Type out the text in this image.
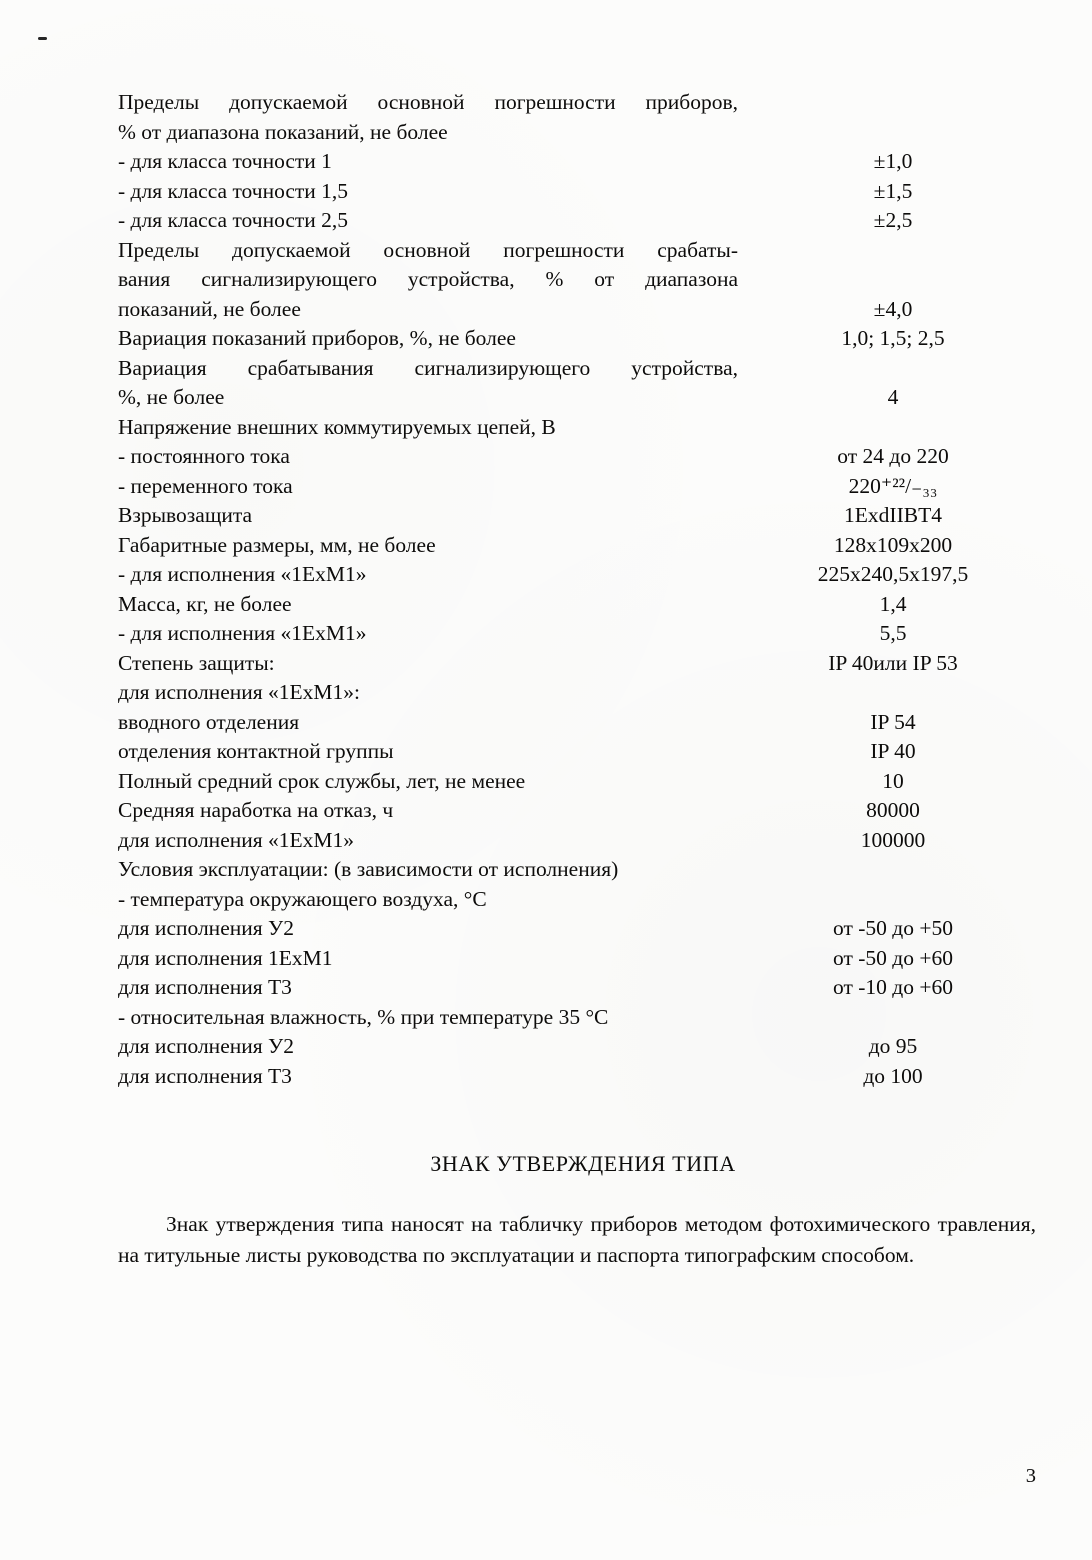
Пределы допускаемой основной погрешности приборов,
% от диапазона показаний, не более
- для класса точности 1	±1,0
- для класса точности 1,5	±1,5
- для класса точности 2,5	±2,5
Пределы допускаемой основной погрешности срабаты-
вания сигнализирующего устройства, % от диапазона
показаний, не более	±4,0
Вариация показаний приборов, %, не более	1,0; 1,5; 2,5
Вариация срабатывания сигнализирующего устройства,
%, не более	4
Напряжение внешних коммутируемых цепей, В
- постоянного тока	от 24 до 220
- переменного тока	220⁺²²/₋₃₃
Взрывозащита	1ExdIIBT4
Габаритные размеры, мм, не более	128х109х200
- для исполнения «1ЕхМ1»	225х240,5х197,5
Масса, кг, не более	1,4
- для исполнения «1ЕхМ1»	5,5
Степень защиты:	IP 40или IP 53
для исполнения «1ЕхМ1»:
вводного отделения	IP 54
отделения контактной группы	IP 40
Полный средний срок службы, лет, не менее	10
Средняя наработка на отказ, ч	80000
для исполнения «1ЕхМ1»	100000
Условия эксплуатации: (в зависимости от исполнения)
- температура окружающего воздуха, °С
для исполнения У2	от -50 до +50
для исполнения 1ЕхМ1	от -50 до +60
для исполнения Т3	от -10 до +60
- относительная влажность, % при температуре 35 °С
для исполнения У2	до 95
для исполнения Т3	до 100
ЗНАК УТВЕРЖДЕНИЯ ТИПА

Знак утверждения типа наносят на табличку приборов методом фотохимического травления, на титульные листы руководства по эксплуатации и паспорта типографским способом.

3
